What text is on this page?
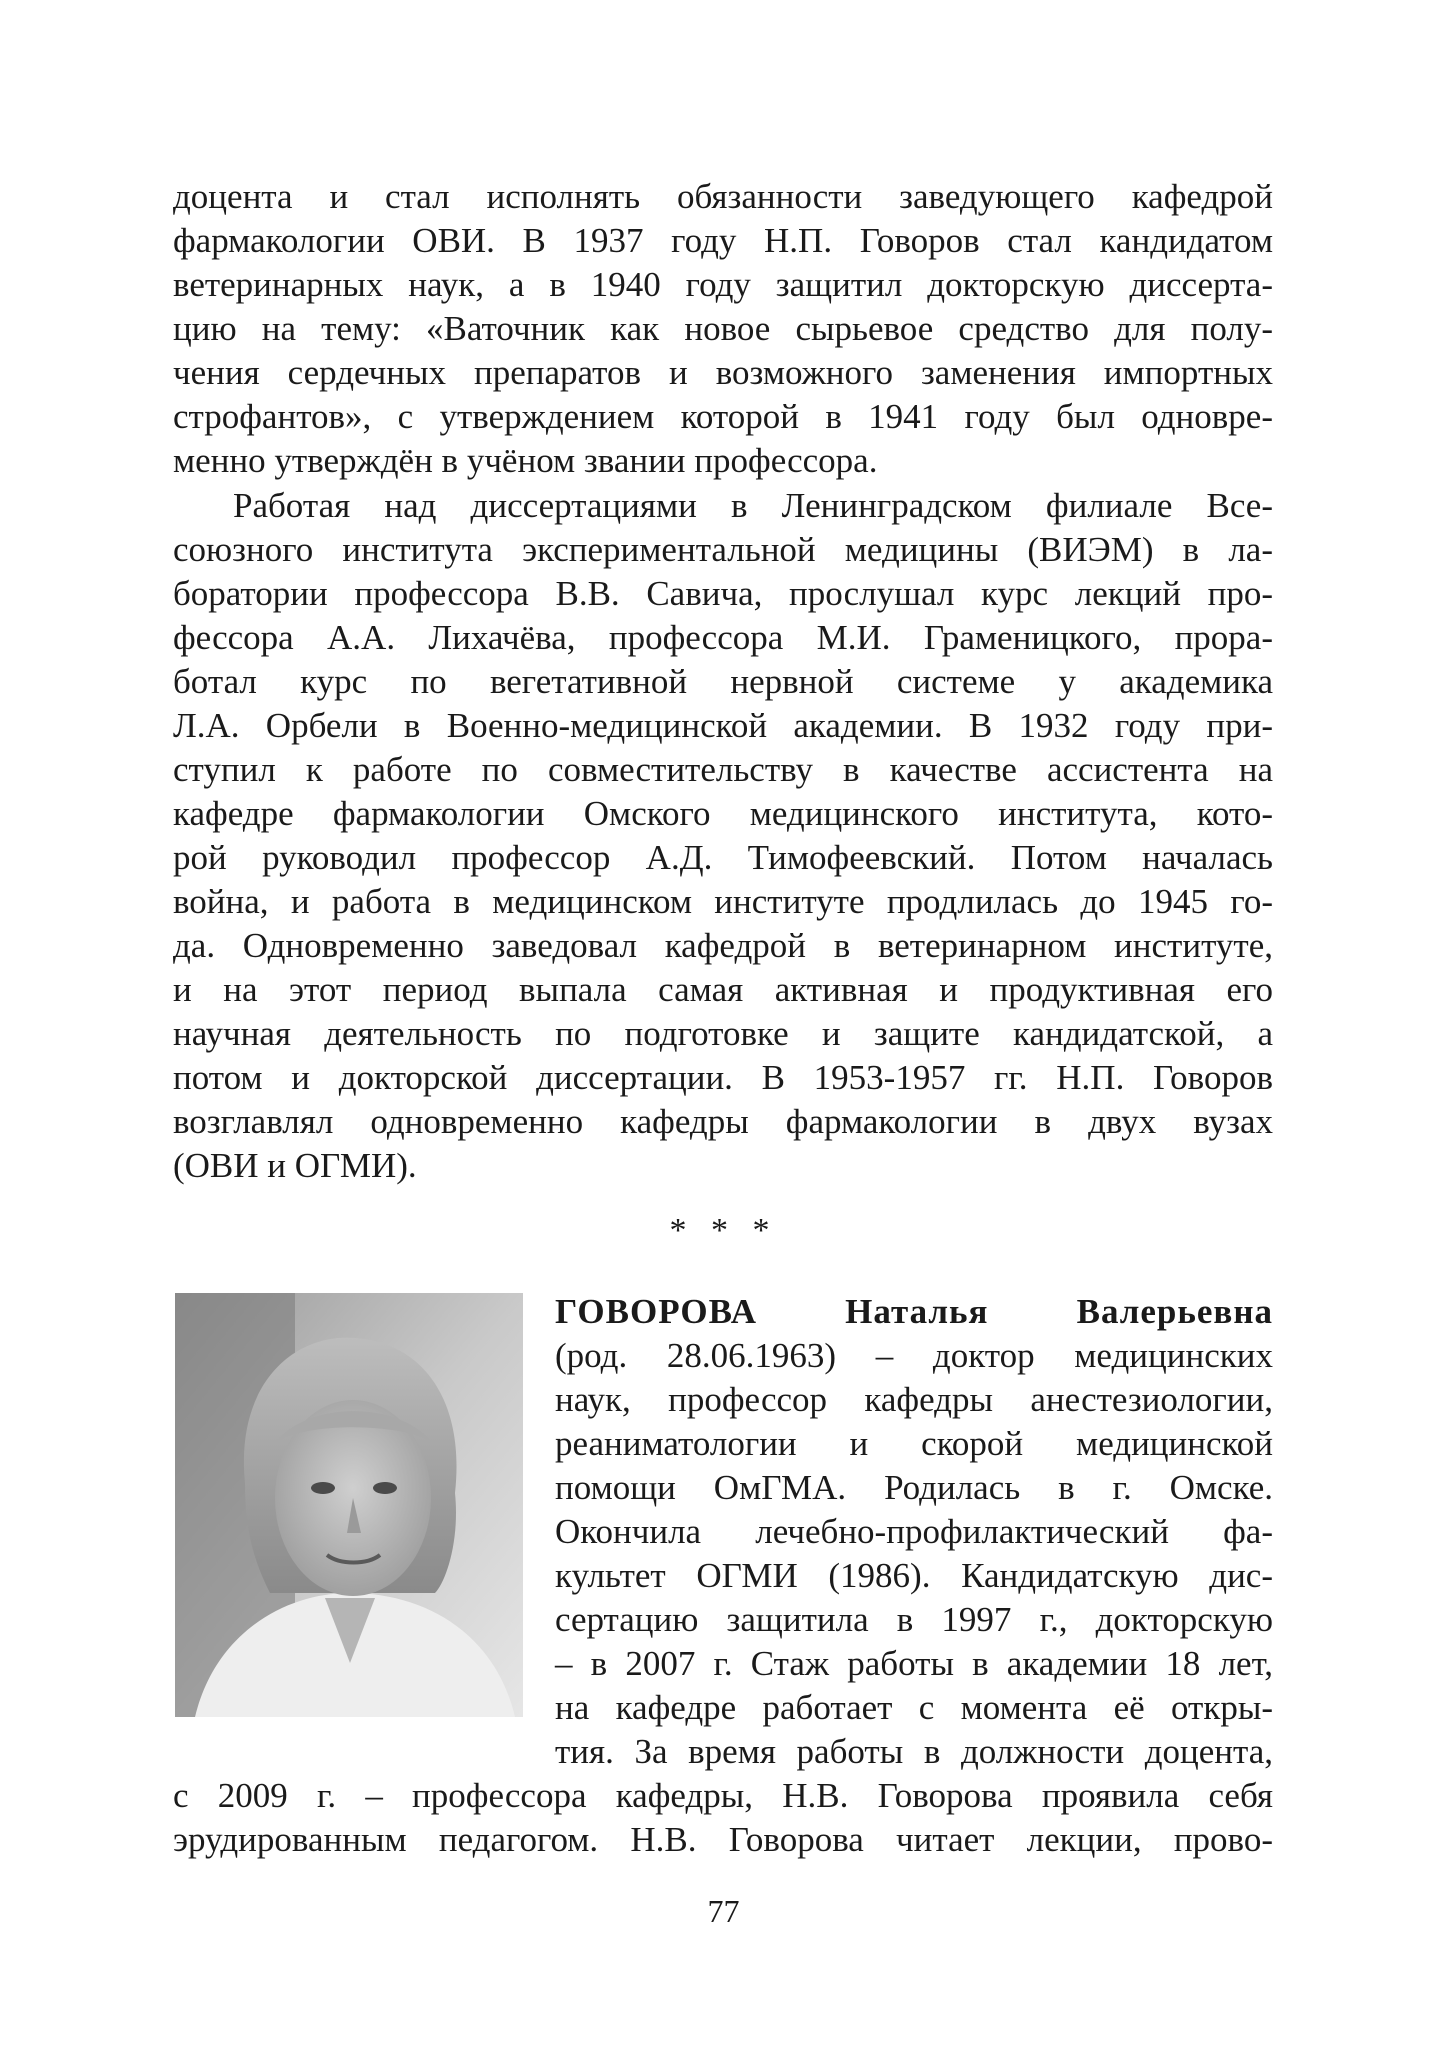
доцента и стал исполнять обязанности заведующего кафедрой
фармакологии ОВИ. В 1937 году Н.П. Говоров стал кандидатом
ветеринарных наук, а в 1940 году защитил докторскую диссерта-
цию на тему: «Ваточник как новое сырьевое средство для полу-
чения сердечных препаратов и возможного заменения импортных
строфантов», с утверждением которой в 1941 году был одновре-
менно утверждён в учёном звании профессора.
Работая над диссертациями в Ленинградском филиале Все-
союзного института экспериментальной медицины (ВИЭМ) в ла-
боратории профессора В.В. Савича, прослушал курс лекций про-
фессора А.А. Лихачёва, профессора М.И. Граменицкого, прора-
ботал курс по вегетативной нервной системе у академика
Л.А. Орбели в Военно-медицинской академии. В 1932 году при-
ступил к работе по совместительству в качестве ассистента на
кафедре фармакологии Омского медицинского института, кото-
рой руководил профессор А.Д. Тимофеевский. Потом началась
война, и работа в медицинском институте продлилась до 1945 го-
да. Одновременно заведовал кафедрой в ветеринарном институте,
и на этот период выпала самая активная и продуктивная его
научная деятельность по подготовке и защите кандидатской, а
потом и докторской диссертации. В 1953-1957 гг. Н.П. Говоров
возглавлял одновременно кафедры фармакологии в двух вузах
(ОВИ и ОГМИ).
* * *
ГОВОРОВА Наталья Валерьевна
(род. 28.06.1963) – доктор медицинских
наук, профессор кафедры анестезиологии,
реаниматологии и скорой медицинской
помощи ОмГМА. Родилась в г. Омске.
Окончила лечебно-профилактический фа-
культет ОГМИ (1986). Кандидатскую дис-
сертацию защитила в 1997 г., докторскую
– в 2007 г. Стаж работы в академии 18 лет,
на кафедре работает с момента её откры-
тия. За время работы в должности доцента,
с 2009 г. – профессора кафедры, Н.В. Говорова проявила себя
эрудированным педагогом. Н.В. Говорова читает лекции, прово-
77
